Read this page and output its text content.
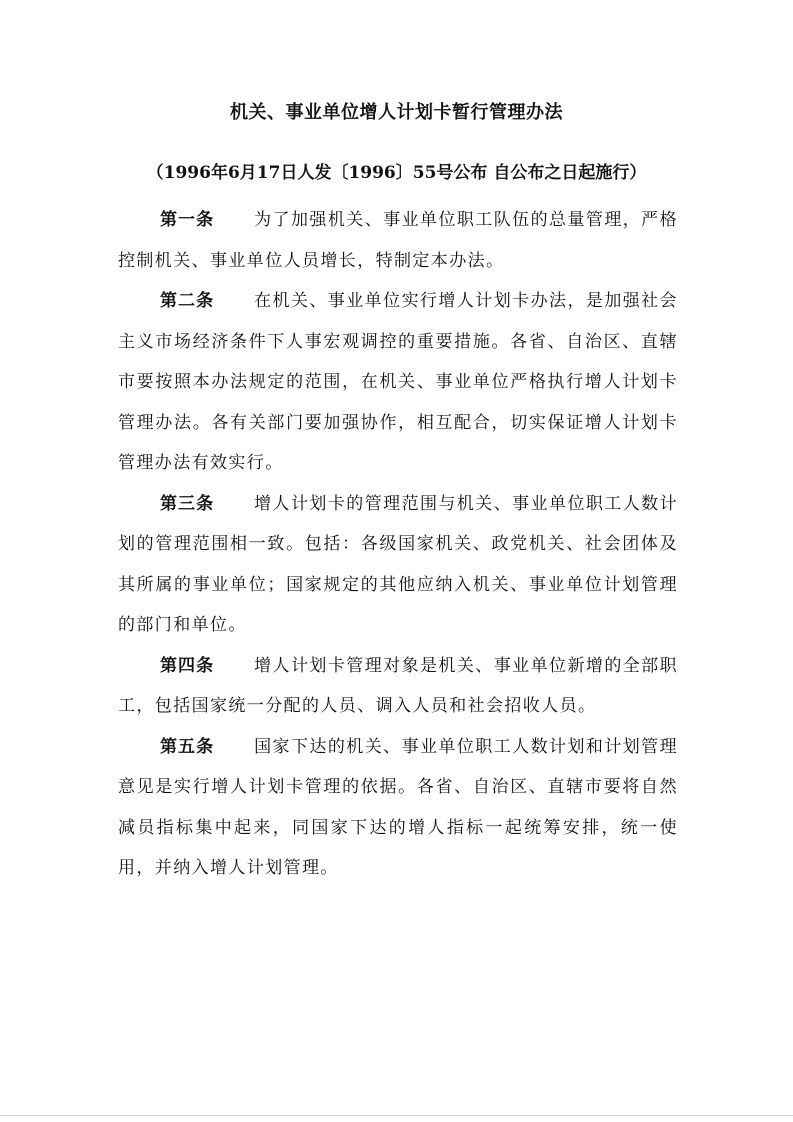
机关、事业单位增人计划卡暂行管理办法
（1996年6月17日人发〔1996〕55号公布 自公布之日起施行）

第一条 为了加强机关、事业单位职工队伍的总量管理，严格控制机关、事业单位人员增长，特制定本办法。

第二条 在机关、事业单位实行增人计划卡办法，是加强社会主义市场经济条件下人事宏观调控的重要措施。各省、自治区、直辖市要按照本办法规定的范围，在机关、事业单位严格执行增人计划卡管理办法。各有关部门要加强协作，相互配合，切实保证增人计划卡管理办法有效实行。

第三条 增人计划卡的管理范围与机关、事业单位职工人数计划的管理范围相一致。包括：各级国家机关、政党机关、社会团体及其所属的事业单位；国家规定的其他应纳入机关、事业单位计划管理的部门和单位。

第四条 增人计划卡管理对象是机关、事业单位新增的全部职工，包括国家统一分配的人员、调入人员和社会招收人员。

第五条 国家下达的机关、事业单位职工人数计划和计划管理意见是实行增人计划卡管理的依据。各省、自治区、直辖市要将自然减员指标集中起来，同国家下达的增人指标一起统筹安排，统一使用，并纳入增人计划管理。
